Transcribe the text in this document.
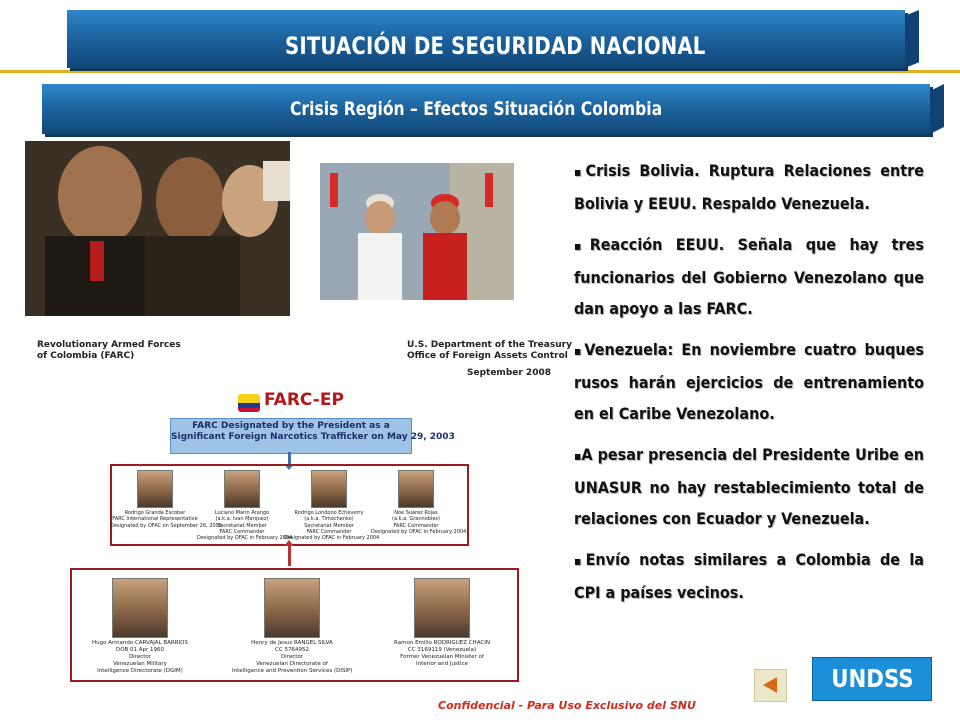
SITUACIÓN DE SEGURIDAD NACIONAL
Crisis Región – Efectos Situación Colombia
Revolutionary Armed Forces
of Colombia (FARC)
U.S. Department of the Treasury
Office of Foreign Assets Control
September 2008
FARC-EP
FARC Designated by the President as a
Significant Foreign Narcotics Trafficker on May 29, 2003
Rodrigo Granda Escobar
FARC International Representative
Designated by OFAC on September 26, 2005
Luciano Marin Arango
(a.k.a. Ivan Marquez)
Secretariat Member
FARC Commander
Designated by OFAC in February 2004
Rodrigo Londono Echeverry
(a.k.a. Timochenko)
Secretariat Member
FARC Commander
Designated by OFAC in February 2004
Noe Suarez Rojas
(a.k.a. Grannobles)
FARC Commander
Designated by OFAC in February 2004
Hugo Armando CARVAJAL BARRIOS
DOB 01 Apr 1960
Director
Venezuelan Military
Intelligence Directorate (DGIM)
Henry de Jesus RANGEL SILVA
CC 5764952
Director
Venezuelan Directorate of
Intelligence and Prevention Services (DISIP)
Ramon Emilio RODRIGUEZ CHACIN
CC 3169119 (Venezuela)
Former Venezuelan Minister of
Interior and Justice

▪Crisis Bolivia. Ruptura Relaciones entre Bolivia y EEUU. Respaldo Venezuela.

▪Reacción EEUU. Señala que hay tres funcionarios del Gobierno Venezolano que dan apoyo a las FARC.

▪Venezuela: En noviembre cuatro buques rusos harán ejercicios de entrenamiento en el Caribe Venezolano.

▪A pesar presencia del Presidente Uribe en UNASUR no hay restablecimiento total de relaciones con Ecuador y Venezuela.

▪Envío notas similares a Colombia de la CPI a países vecinos.

Confidencial - Para Uso Exclusivo del SNU
UNDSS
